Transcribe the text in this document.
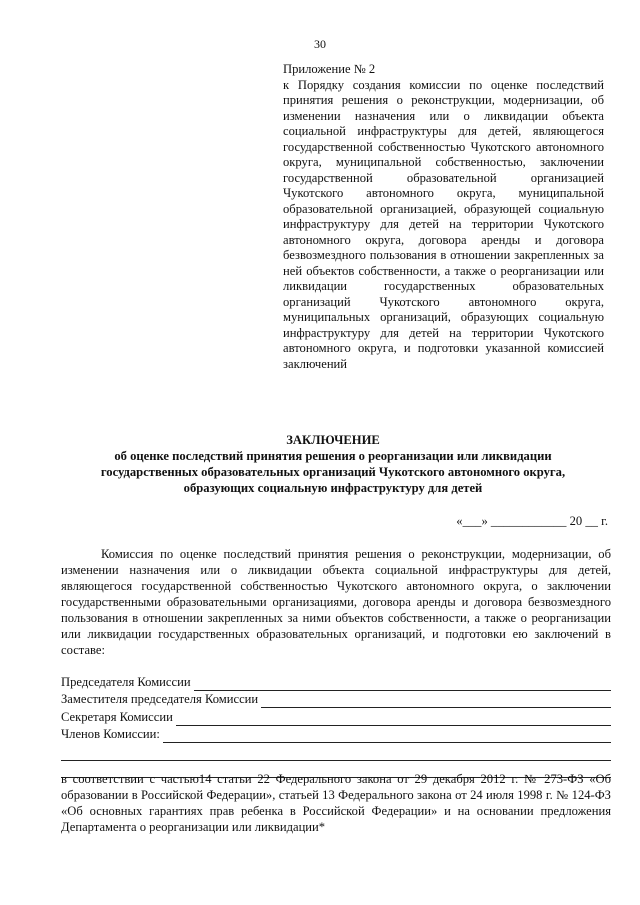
30

Приложение № 2

к Порядку создания комиссии по оценке последствий принятия решения о реконструкции, модернизации, об изменении назначения или о ликвидации объекта социальной инфраструктуры для детей, являющегося государственной собственностью Чукотского автономного округа, муниципальной собственностью, заключении государственной образовательной организацией Чукотского автономного округа, муниципальной образовательной организацией, образующей социальную инфраструктуру для детей на территории Чукотского автономного округа, договора аренды и договора безвозмездного пользования в отношении закрепленных за ней объектов собственности, а также о реорганизации или ликвидации государственных образовательных организаций Чукотского автономного округа, муниципальных организаций, образующих социальную инфраструктуру для детей на территории Чукотского автономного округа, и подготовки указанной комиссией заключений

ЗАКЛЮЧЕНИЕ
об оценке последствий принятия решения о реорганизации или ликвидации
государственных образовательных организаций Чукотского автономного округа,
образующих социальную инфраструктуру для детей
«___» ____________ 20 __ г.
Комиссия по оценке последствий принятия решения о реконструкции, модернизации, об изменении назначения или о ликвидации объекта социальной инфраструктуры для детей, являющегося государственной собственностью Чукотского автономного округа, о заключении государственными образовательными организациями, договора аренды и договора безвозмездного пользования в отношении закрепленных за ними объектов собственности, а также о реорганизации или ликвидации государственных образовательных организаций, и подготовки ею заключений в составе:
Председателя Комиссии
Заместителя председателя Комиссии
Секретаря Комиссии
Членов Комиссии:
в соответствии с частью14 статьи 22 Федерального закона от 29 декабря 2012 г. № 273-ФЗ «Об образовании в Российской Федерации», статьей 13 Федерального закона от 24 июля 1998 г. № 124-ФЗ «Об основных гарантиях прав ребенка в Российской Федерации» и на основании предложения Департамента о реорганизации или ликвидации*
